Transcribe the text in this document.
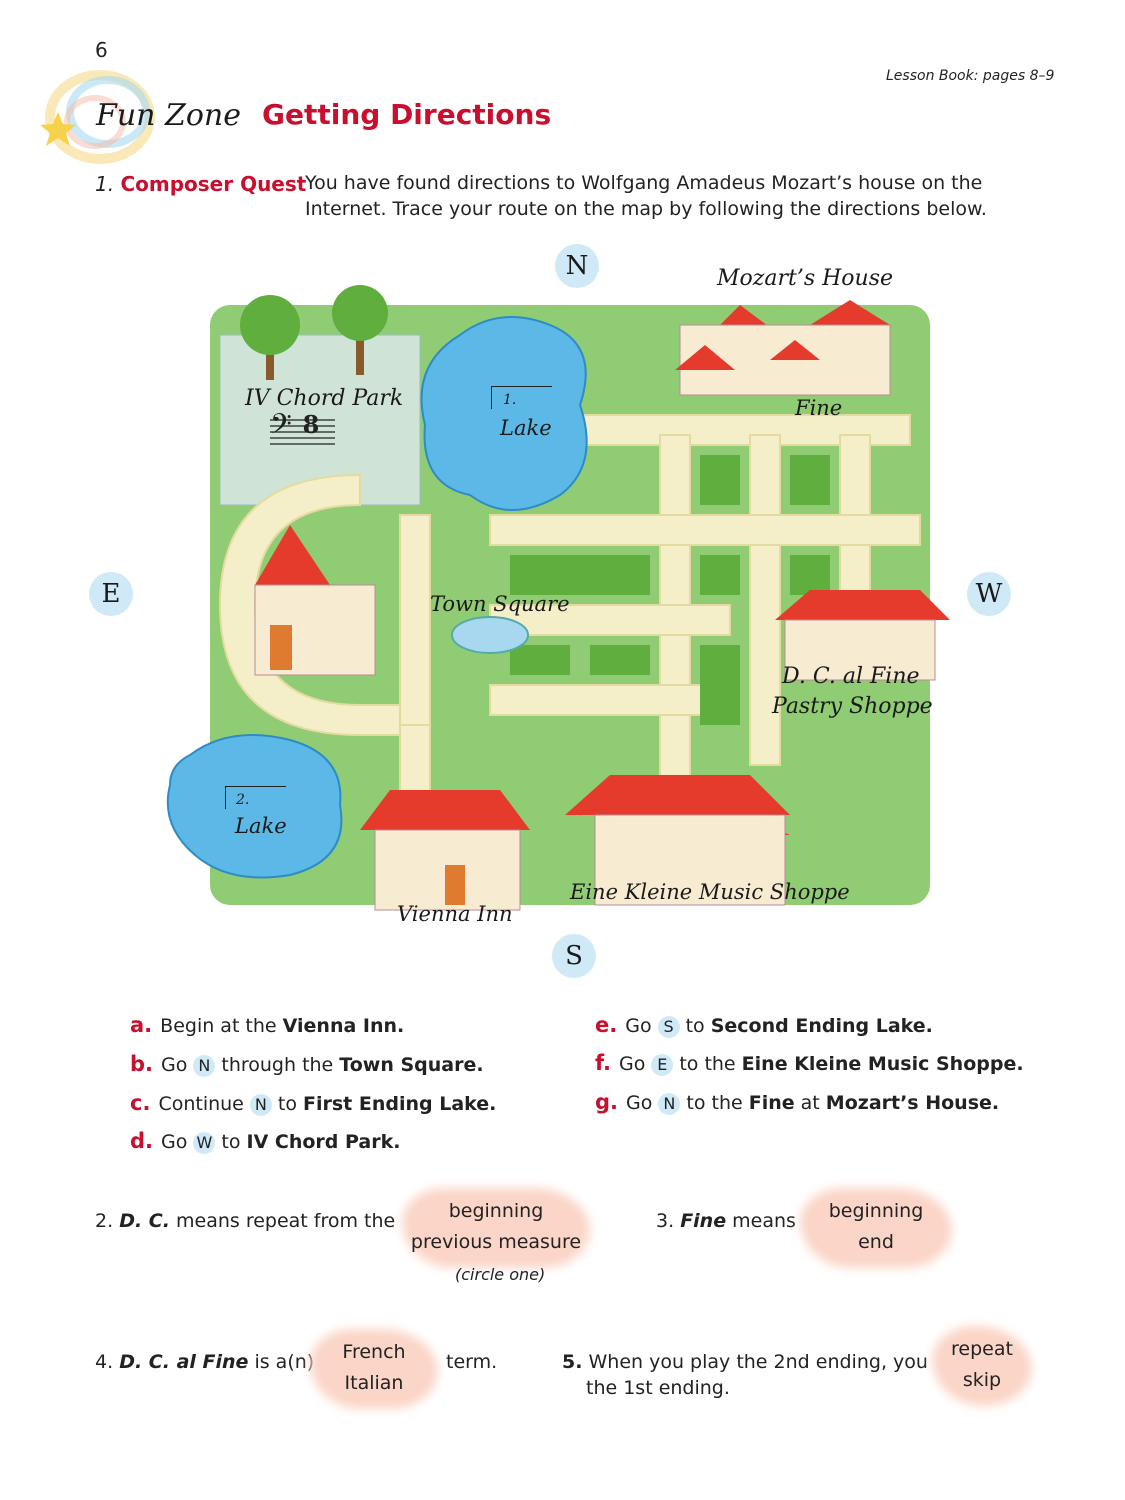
6
Lesson Book: pages 8–9
Fun Zone Getting Directions
1. Composer Quest
You have found directions to Wolfgang Amadeus Mozart’s house on the
Internet. Trace your route on the map by following the directions below.
N
E	W
S
Mozart’s House
Fine
IV Chord Park
𝄢 8
1.
Lake
Town Square
D. C. al Fine
Pastry Shoppe
2.
Lake
Eine Kleine Music Shoppe
Vienna Inn
a. Begin at the Vienna Inn.
b. Go N through the Town Square.
c. Continue N to First Ending Lake.
d. Go W to IV Chord Park.
e. Go S to Second Ending Lake.
f. Go E to the Eine Kleine Music Shoppe.
g. Go N to the Fine at Mozart’s House.
2. D. C. means repeat from the	beginning
previous measure
(circle one)
3. Fine means	beginning
end
4. D. C. al Fine is a(n)	French
Italian
term.	5. When you play the 2nd ending, you
the 1st ending.
repeat
skip
